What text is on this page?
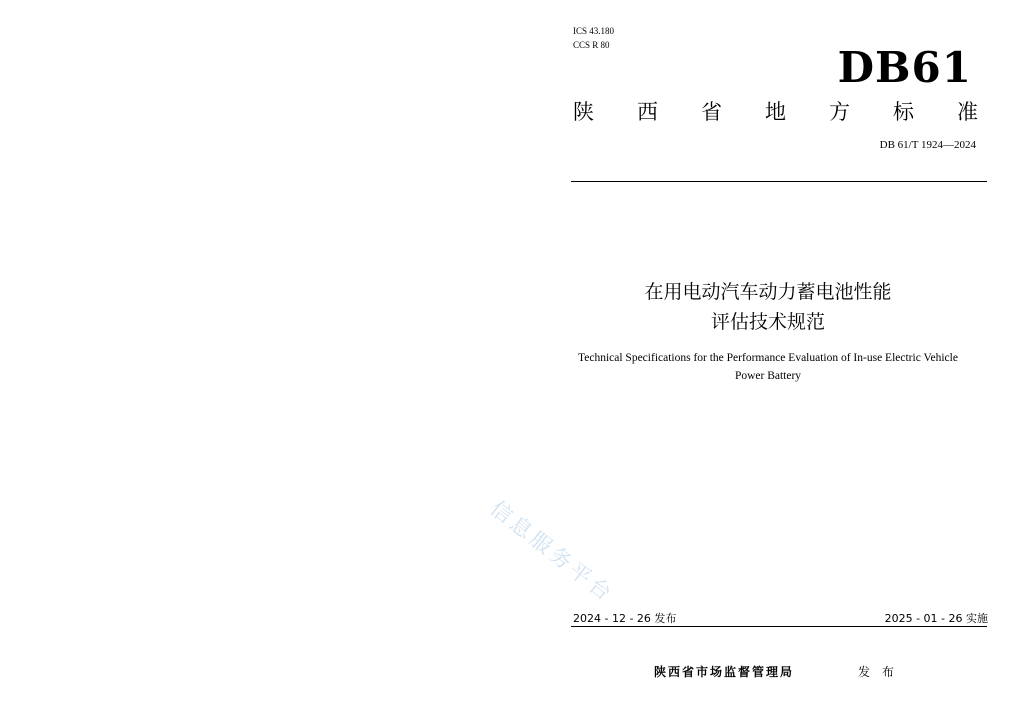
ICS 43.180
CCS R 80	DB61
陕 西 省 地 方 标 准
DB 61/T 1924—2024
在用电动汽车动力蓄电池性能
评估技术规范
Technical Specifications for the Performance Evaluation of In-use Electric Vehicle
Power Battery
信息服务平台
2024 - 12 - 26 发布	2025 - 01 - 26 实施
陕西省市场监督管理局	发 布
